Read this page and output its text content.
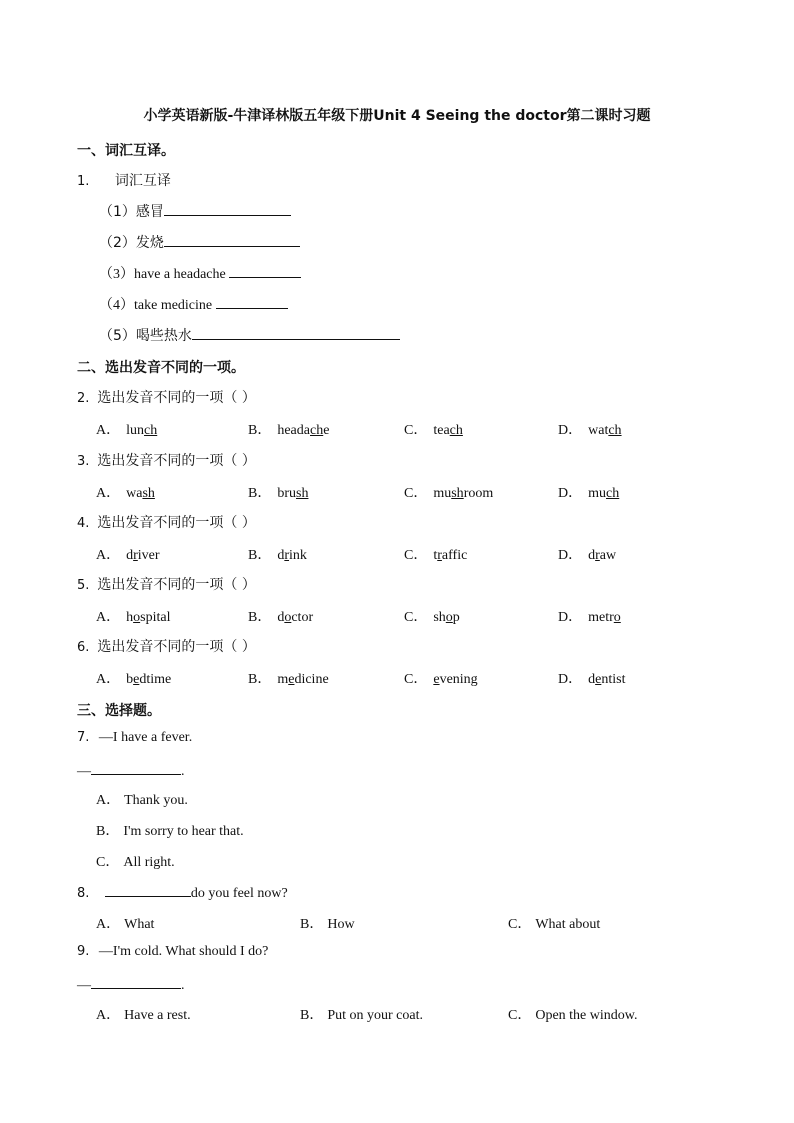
小学英语新版-牛津译林版五年级下册Unit 4 Seeing the doctor第二课时习题
一、词汇互译。
1. 词汇互译
（1）感冒
（2）发烧
（3）have a headache
（4）take medicine
（5）喝些热水
二、选出发音不同的一项。
2. 选出发音不同的一项（ ）
A． lunch	B． headache	C． teach	D． watch
3. 选出发音不同的一项（ ）
A． wash	B． brush	C． mushroom	D． much
4. 选出发音不同的一项（ ）
A． driver	B． drink	C． traffic	D． draw
5. 选出发音不同的一项（ ）
A． hospital	B． doctor	C． shop	D． metro
6. 选出发音不同的一项（ ）
A． bedtime	B． medicine	C． evening	D． dentist
三、选择题。
7. —I have a fever.
—	.
A． Thank you.
B． I'm sorry to hear that.
C． All right.
8.	do you feel now?
A． What	B． How	C． What about
9. —I'm cold. What should I do?
—	.
A． Have a rest.	B． Put on your coat.	C． Open the window.
